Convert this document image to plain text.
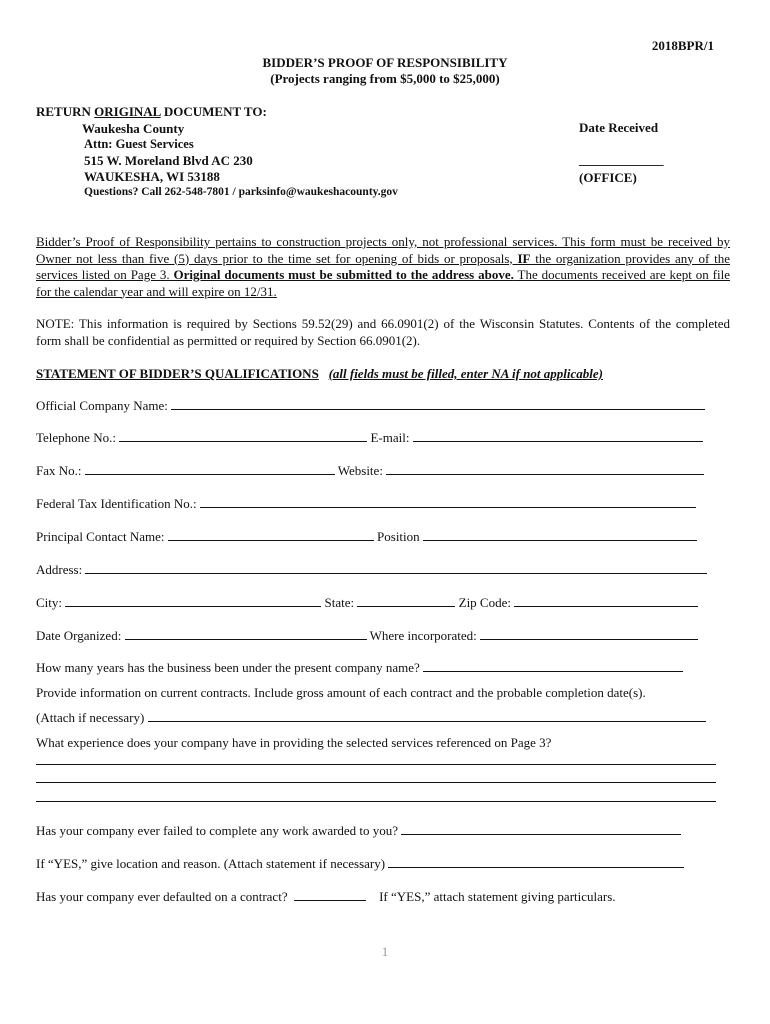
2018BPR/1
BIDDER’S PROOF OF RESPONSIBILITY
(Projects ranging from $5,000 to $25,000)
RETURN ORIGINAL DOCUMENT TO:
Waukesha County
Attn: Guest Services
515 W. Moreland Blvd AC 230
WAUKESHA, WI 53188
Questions? Call 262-548-7801 / parksinfo@waukeshacounty.gov
Date Received
_____________
(OFFICE)
Bidder’s Proof of Responsibility pertains to construction projects only, not professional services. This form must be received by Owner not less than five (5) days prior to the time set for opening of bids or proposals, IF the organization provides any of the services listed on Page 3. Original documents must be submitted to the address above. The documents received are kept on file for the calendar year and will expire on 12/31.
NOTE: This information is required by Sections 59.52(29) and 66.0901(2) of the Wisconsin Statutes. Contents of the completed form shall be confidential as permitted or required by Section 66.0901(2).
STATEMENT OF BIDDER’S QUALIFICATIONS (all fields must be filled, enter NA if not applicable)
Official Company Name:
Telephone No.:	E-mail:
Fax No.:	Website:
Federal Tax Identification No.:
Principal Contact Name:	Position
Address:
City:	State:	Zip Code:
Date Organized:	Where incorporated:
How many years has the business been under the present company name?
Provide information on current contracts. Include gross amount of each contract and the probable completion date(s).
(Attach if necessary)
What experience does your company have in providing the selected services referenced on Page 3?
Has your company ever failed to complete any work awarded to you?
If “YES,” give location and reason. (Attach statement if necessary)
Has your company ever defaulted on a contract?	If “YES,” attach statement giving particulars.
1
